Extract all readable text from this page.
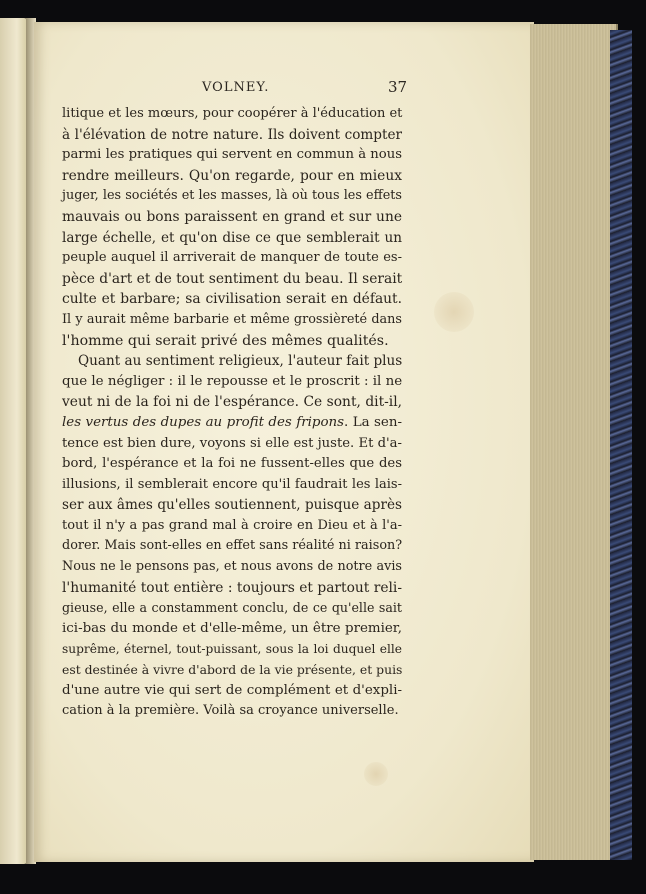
VOLNEY.	37
litique et les mœurs, pour coopérer à l'éducation et
à l'élévation de notre nature. Ils doivent compter
parmi les pratiques qui servent en commun à nous
rendre meilleurs. Qu'on regarde, pour en mieux
juger, les sociétés et les masses, là où tous les effets
mauvais ou bons paraissent en grand et sur une
large échelle, et qu'on dise ce que semblerait un
peuple auquel il arriverait de manquer de toute es-
pèce d'art et de tout sentiment du beau. Il serait
culte et barbare; sa civilisation serait en défaut.
Il y aurait même barbarie et même grossièreté dans
l'homme qui serait privé des mêmes qualités.
Quant au sentiment religieux, l'auteur fait plus
que le négliger : il le repousse et le proscrit : il ne
veut ni de la foi ni de l'espérance. Ce sont, dit-il,
les vertus des dupes au profit des fripons. La sen-
tence est bien dure, voyons si elle est juste. Et d'a-
bord, l'espérance et la foi ne fussent-elles que des
illusions, il semblerait encore qu'il faudrait les lais-
ser aux âmes qu'elles soutiennent, puisque après
tout il n'y a pas grand mal à croire en Dieu et à l'a-
dorer. Mais sont-elles en effet sans réalité ni raison?
Nous ne le pensons pas, et nous avons de notre avis
l'humanité tout entière : toujours et partout reli-
gieuse, elle a constamment conclu, de ce qu'elle sait
ici-bas du monde et d'elle-même, un être premier,
suprême, éternel, tout-puissant, sous la loi duquel elle
est destinée à vivre d'abord de la vie présente, et puis
d'une autre vie qui sert de complément et d'expli-
cation à la première. Voilà sa croyance universelle.
